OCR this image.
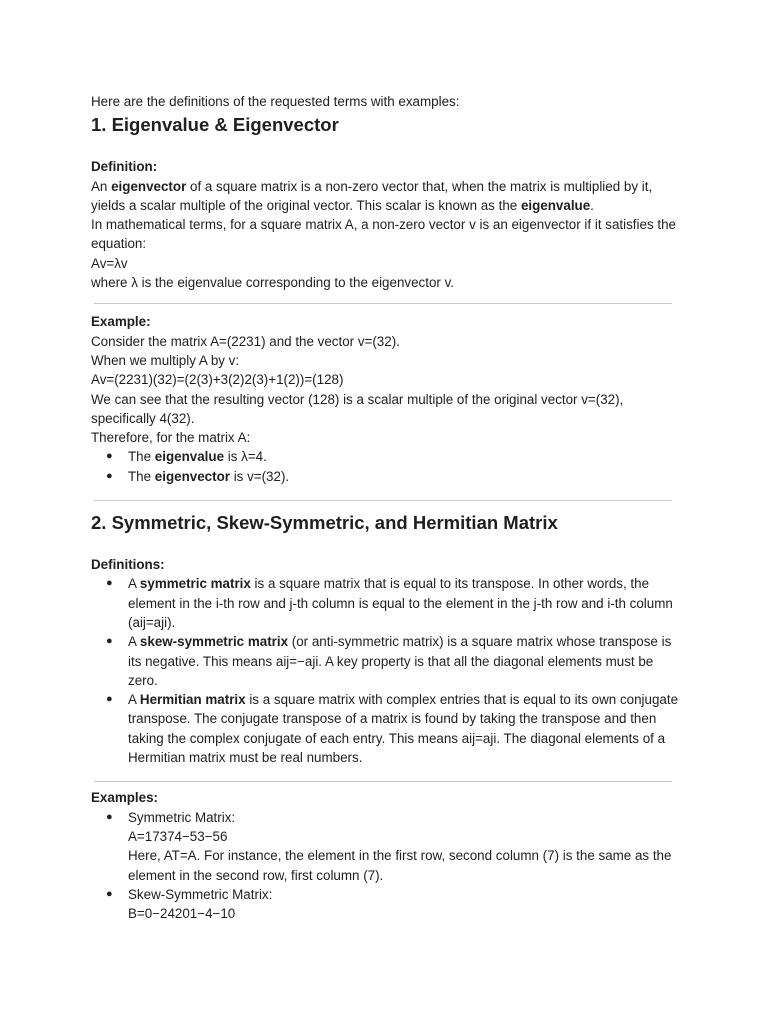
Here are the definitions of the requested terms with examples:

1. Eigenvalue & Eigenvector

Definition:

An eigenvector of a square matrix is a non-zero vector that, when the matrix is multiplied by it, yields a scalar multiple of the original vector. This scalar is known as the eigenvalue.

In mathematical terms, for a square matrix A, a non-zero vector v is an eigenvector if it satisfies the equation:

Av=λv

where λ is the eigenvalue corresponding to the eigenvector v.

Example:

Consider the matrix A=(2231) and the vector v=(32).

When we multiply A by v:

Av=(2231)(32)=(2(3)+3(2)2(3)+1(2))=(128)

We can see that the resulting vector (128) is a scalar multiple of the original vector v=(32), specifically 4(32).

Therefore, for the matrix A:

● The eigenvalue is λ=4.
● The eigenvector is v=(32).
2. Symmetric, Skew-Symmetric, and Hermitian Matrix

Definitions:

● A symmetric matrix is a square matrix that is equal to its transpose. In other words, the element in the i-th row and j-th column is equal to the element in the j-th row and i-th column (aij=aji).
● A skew-symmetric matrix (or anti-symmetric matrix) is a square matrix whose transpose is its negative. This means aij=−aji. A key property is that all the diagonal elements must be zero.
● A Hermitian matrix is a square matrix with complex entries that is equal to its own conjugate transpose. The conjugate transpose of a matrix is found by taking the transpose and then taking the complex conjugate of each entry. This means aij=aji. The diagonal elements of a Hermitian matrix must be real numbers.

Examples:

● Symmetric Matrix:
A=17374−53−56
Here, AT=A. For instance, the element in the first row, second column (7) is the same as the element in the second row, first column (7).
● Skew-Symmetric Matrix:
B=0−24201−4−10
